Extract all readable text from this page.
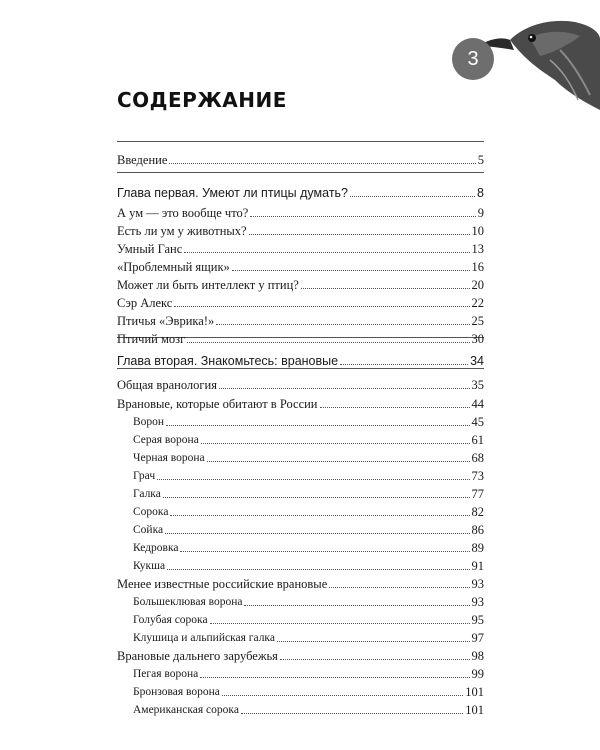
3
СОДЕРЖАНИЕ
Введение	5
Глава первая. Умеют ли птицы думать?	8
А ум — это вообще что?	9
Есть ли ум у животных?	10
Умный Ганс	13
«Проблемный ящик»	16
Может ли быть интеллект у птиц?	20
Сэр Алекс	22
Птичья «Эврика!»	25
Птичий мозг	30
Глава вторая. Знакомьтесь: врановые	34
Общая вранология	35
Врановые, которые обитают в России	44
Ворон	45
Серая ворона	61
Черная ворона	68
Грач	73
Галка	77
Сорока	82
Сойка	86
Кедровка	89
Кукша	91
Менее известные российские врановые	93
Большеклювая ворона	93
Голубая сорока	95
Клушица и альпийская галка	97
Врановые дальнего зарубежья	98
Пегая ворона	99
Бронзовая ворона	101
Американская сорока	101
